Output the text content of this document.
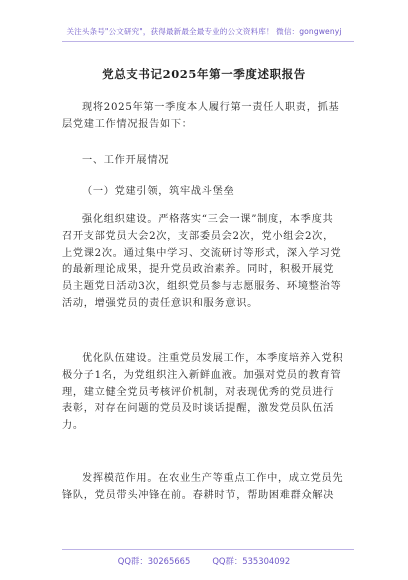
关注头条号"公文研究"，获得最新最全最专业的公文资料库！ 微信：gongwenyj
党总支书记2025年第一季度述职报告
现将2025年第一季度本人履行第一责任人职责，抓基
层党建工作情况报告如下：
一、工作开展情况
（一）党建引领，筑牢战斗堡垒
强化组织建设。严格落实“三会一课”制度，本季度共
召开支部党员大会2次，支部委员会2次，党小组会2次，
上党课2次。通过集中学习、交流研讨等形式，深入学习党
的最新理论成果，提升党员政治素养。同时，积极开展党
员主题党日活动3次，组织党员参与志愿服务、环境整治等
活动，增强党员的责任意识和服务意识。
优化队伍建设。注重党员发展工作，本季度培养入党积
极分子1名，为党组织注入新鲜血液。加强对党员的教育管
理，建立健全党员考核评价机制，对表现优秀的党员进行
表彰，对存在问题的党员及时谈话提醒，激发党员队伍活
力。
发挥模范作用。在农业生产等重点工作中，成立党员先
锋队，党员带头冲锋在前。春耕时节，帮助困难群众解决
QQ群：30265665	QQ群：535304092
